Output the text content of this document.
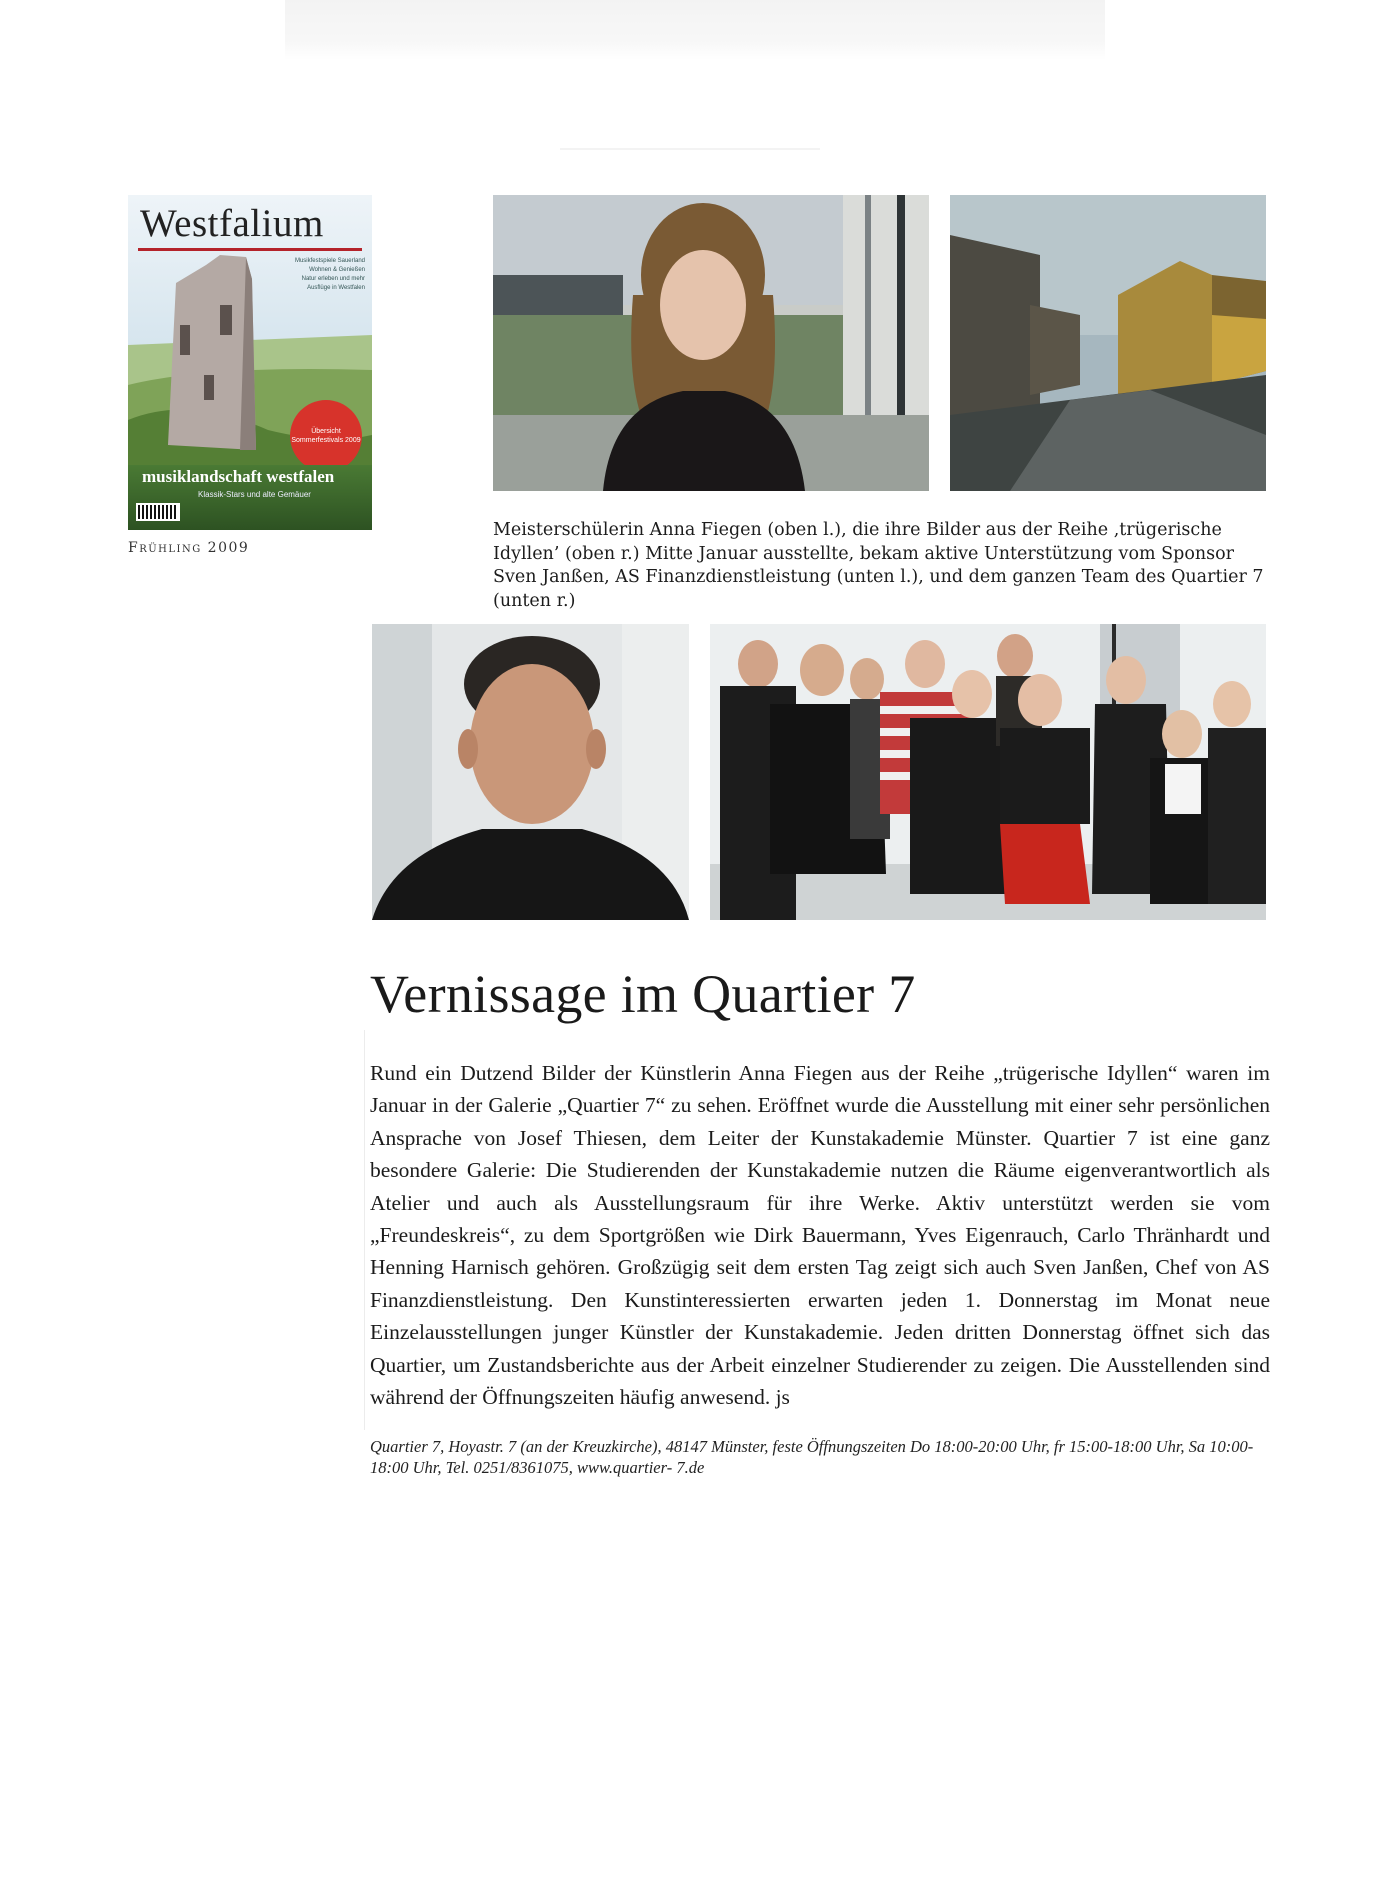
Westfalium
Musikfestspiele Sauerland
Wohnen & Genießen
Natur erleben und mehr
Ausflüge in Westfalen
Übersicht Sommerfestivals 2009
musiklandschaft westfalen
Klassik-Stars und alte Gemäuer
Frühling 2009
Meisterschülerin Anna Fiegen (oben l.), die ihre Bilder aus der Reihe ‚trügerische Idyllen’ (oben r.) Mitte Januar ausstellte, bekam aktive Unterstützung vom Sponsor Sven Janßen, AS Finanzdienstleistung (unten l.), und dem ganzen Team des Quartier 7 (unten r.)
Vernissage im Quartier 7

Rund ein Dutzend Bilder der Künstlerin Anna Fiegen aus der Reihe „trügerische Idyllen“ waren im Januar in der Galerie „Quartier 7“ zu sehen. Eröffnet wurde die Ausstellung mit einer sehr persönlichen Ansprache von Josef Thiesen, dem Leiter der Kunstakademie Münster. Quartier 7 ist eine ganz besondere Galerie: Die Studierenden der Kunstakademie nutzen die Räume eigenverantwortlich als Atelier und auch als Ausstellungsraum für ihre Werke. Aktiv unterstützt werden sie vom „Freundeskreis“, zu dem Sportgrößen wie Dirk Bauermann, Yves Eigenrauch, Carlo Thränhardt und Henning Harnisch gehören. Großzügig seit dem ersten Tag zeigt sich auch Sven Janßen, Chef von AS Finanzdienstleistung. Den Kunstinteressierten erwarten jeden 1. Donnerstag im Monat neue Einzelausstellungen junger Künstler der Kunstakademie. Jeden dritten Donnerstag öffnet sich das Quartier, um Zustandsberichte aus der Arbeit einzelner Studierender zu zeigen. Die Ausstellenden sind während der Öffnungszeiten häufig anwesend. js

Quartier 7, Hoyastr. 7 (an der Kreuzkirche), 48147 Münster, feste Öffnungszeiten Do 18:00-20:00 Uhr, fr 15:00-18:00 Uhr, Sa 10:00-18:00 Uhr, Tel. 0251/8361075, www.quartier- 7.de
